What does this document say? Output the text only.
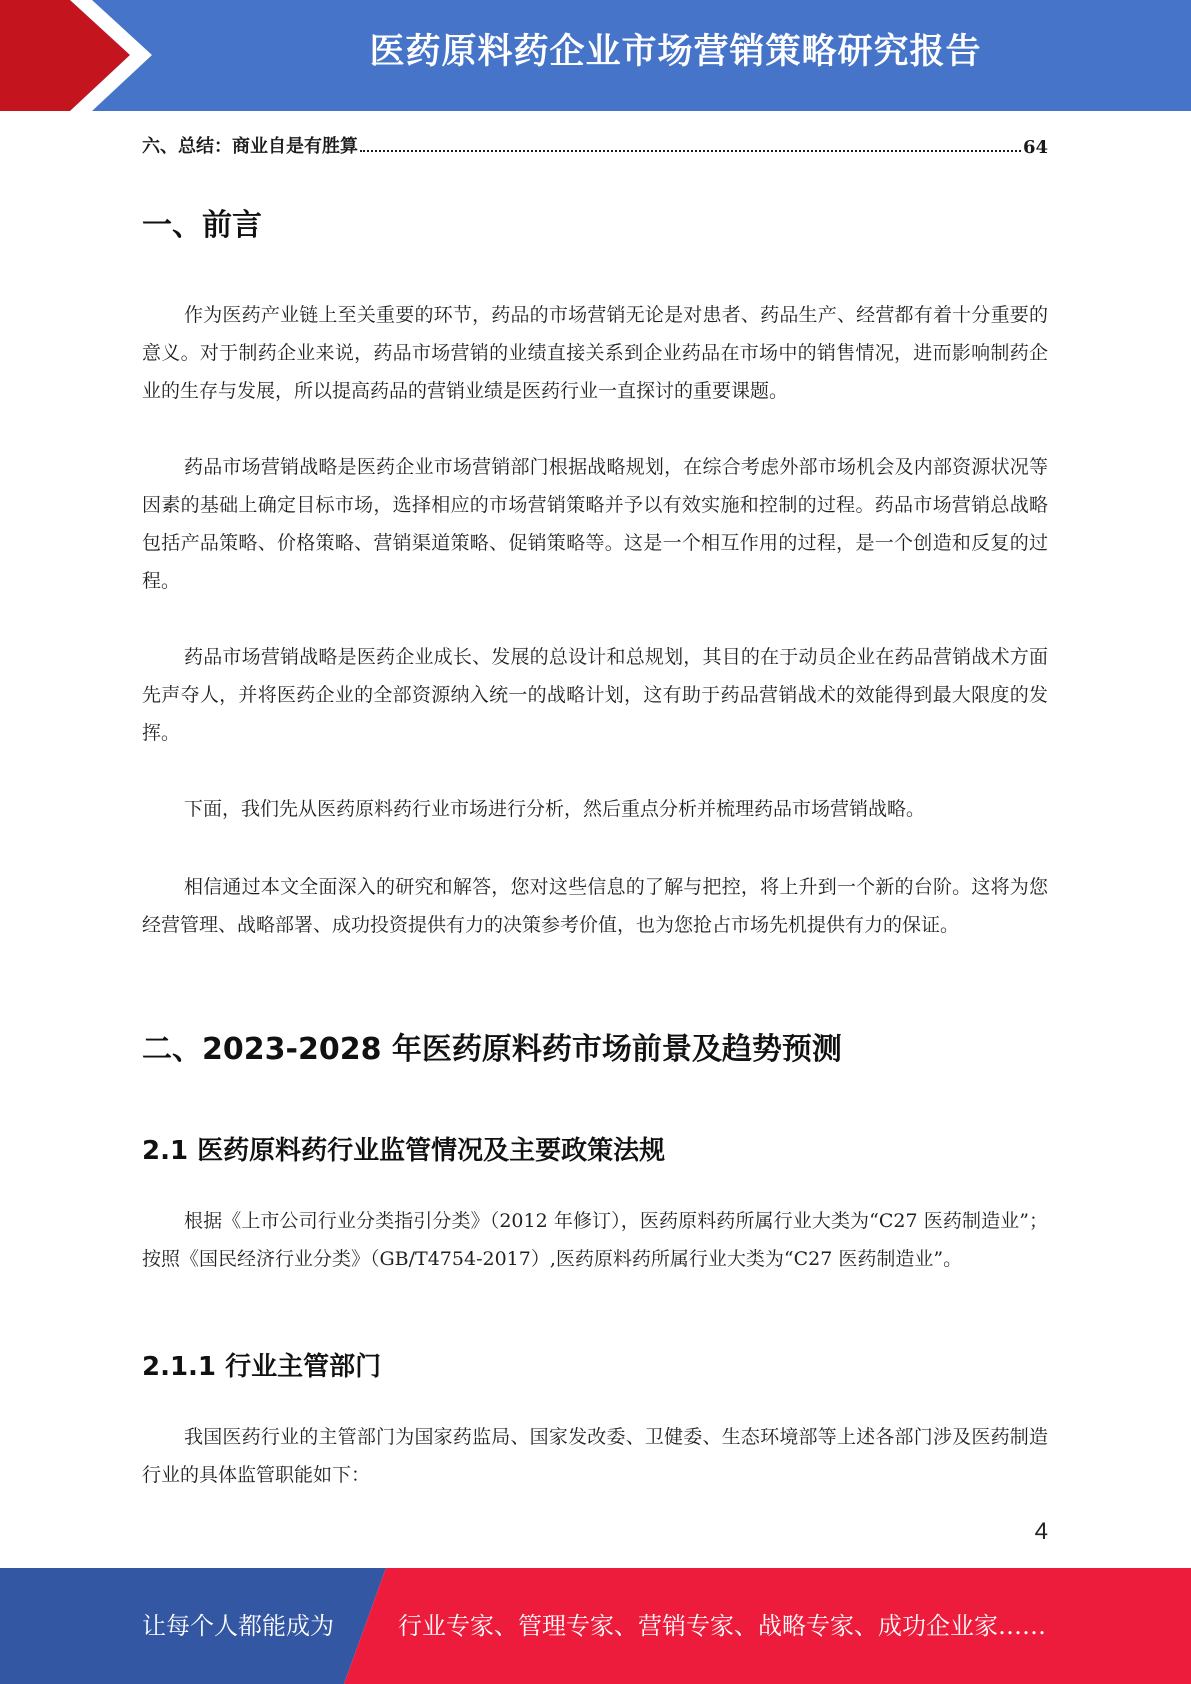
医药原料药企业市场营销策略研究报告
六、总结：商业自是有胜算	64
一、前言

作为医药产业链上至关重要的环节，药品的市场营销无论是对患者、药品生产、经营都有着十分重要的意义。对于制药企业来说，药品市场营销的业绩直接关系到企业药品在市场中的销售情况，进而影响制药企业的生存与发展，所以提高药品的营销业绩是医药行业一直探讨的重要课题。

药品市场营销战略是医药企业市场营销部门根据战略规划，在综合考虑外部市场机会及内部资源状况等因素的基础上确定目标市场，选择相应的市场营销策略并予以有效实施和控制的过程。药品市场营销总战略包括产品策略、价格策略、营销渠道策略、促销策略等。这是一个相互作用的过程，是一个创造和反复的过程。

药品市场营销战略是医药企业成长、发展的总设计和总规划，其目的在于动员企业在药品营销战术方面先声夺人，并将医药企业的全部资源纳入统一的战略计划，这有助于药品营销战术的效能得到最大限度的发挥。

下面，我们先从医药原料药行业市场进行分析，然后重点分析并梳理药品市场营销战略。

相信通过本文全面深入的研究和解答，您对这些信息的了解与把控，将上升到一个新的台阶。这将为您经营管理、战略部署、成功投资提供有力的决策参考价值，也为您抢占市场先机提供有力的保证。

二、2023-2028 年医药原料药市场前景及趋势预测
2.1 医药原料药行业监管情况及主要政策法规

根据《上市公司行业分类指引分类》（2012 年修订），医药原料药所属行业大类为“C27 医药制造业”；按照《国民经济行业分类》（GB/T4754-2017）,医药原料药所属行业大类为“C27 医药制造业”。

2.1.1 行业主管部门

我国医药行业的主管部门为国家药监局、国家发改委、卫健委、生态环境部等上述各部门涉及医药制造行业的具体监管职能如下：

4
让每个人都能成为	行业专家、管理专家、营销专家、战略专家、成功企业家……
